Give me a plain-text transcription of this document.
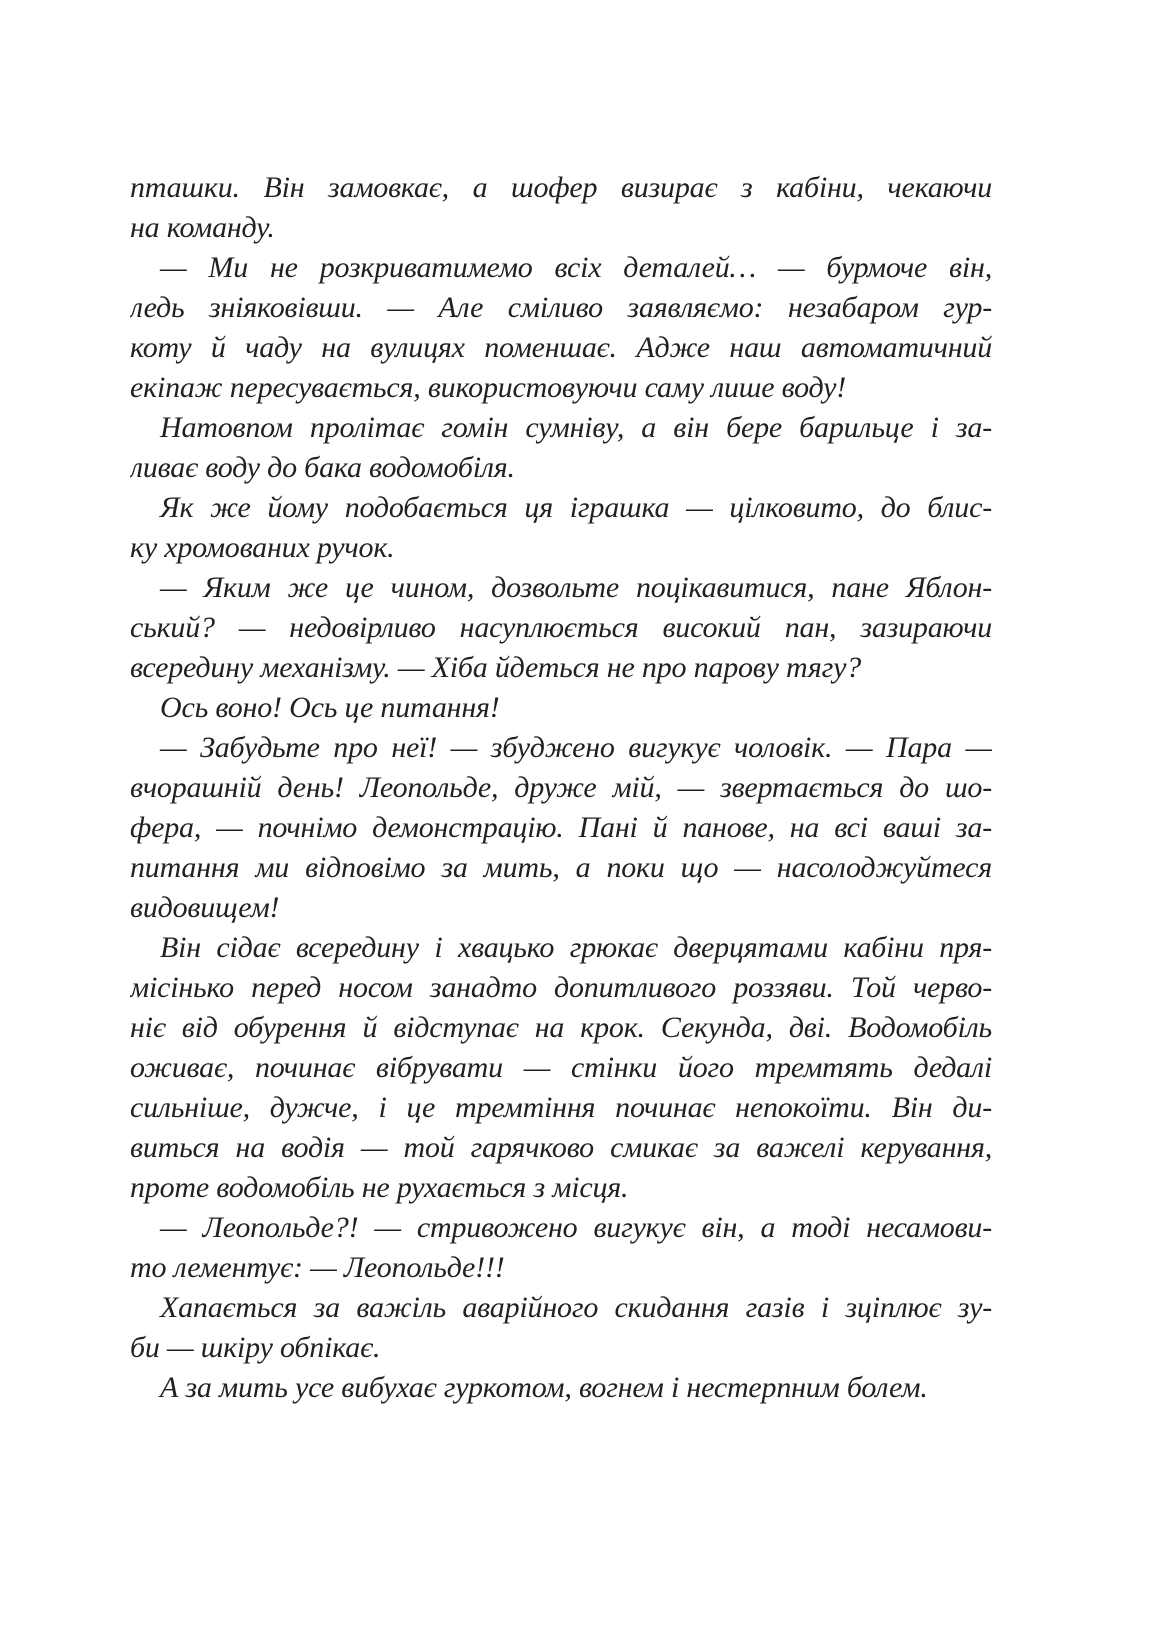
пташки. Він замовкає, а шофер визирає з кабіни, чекаючи
на команду.
— Ми не розкриватимемо всіх деталей… — бурмоче він,
ледь зніяковівши. — Але сміливо заявляємо: незабаром гур-
коту й чаду на вулицях поменшає. Адже наш автоматичний
екіпаж пересувається, використовуючи саму лише воду!
Натовпом пролітає гомін сумніву, а він бере барильце і за-
ливає воду до бака водомобіля.
Як же йому подобається ця іграшка — цілковито, до блис-
ку хромованих ручок.
— Яким же це чином, дозвольте поцікавитися, пане Яблон-
ський? — недовірливо насуплюється високий пан, зазираючи
всередину механізму. — Хіба йдеться не про парову тягу?
Ось воно! Ось це питання!
— Забудьте про неї! — збуджено вигукує чоловік. — Пара —
вчорашній день! Леопольде, друже мій, — звертається до шо-
фера, — почнімо демонстрацію. Пані й панове, на всі ваші за-
питання ми відповімо за мить, а поки що — насолоджуйтеся
видовищем!
Він сідає всередину і хвацько грюкає дверцятами кабіни пря-
місінько перед носом занадто допитливого роззяви. Той черво-
ніє від обурення й відступає на крок. Секунда, дві. Водомобіль
оживає, починає вібрувати — стінки його тремтять дедалі
сильніше, дужче, і це тремтіння починає непокоїти. Він ди-
виться на водія — той гарячково смикає за важелі керування,
проте водомобіль не рухається з місця.
— Леопольде?! — стривожено вигукує він, а тоді несамови-
то лементує: — Леопольде!!!
Хапається за важіль аварійного скидання газів і зціплює зу-
би — шкіру обпікає.
А за мить усе вибухає гуркотом, вогнем і нестерпним болем.
